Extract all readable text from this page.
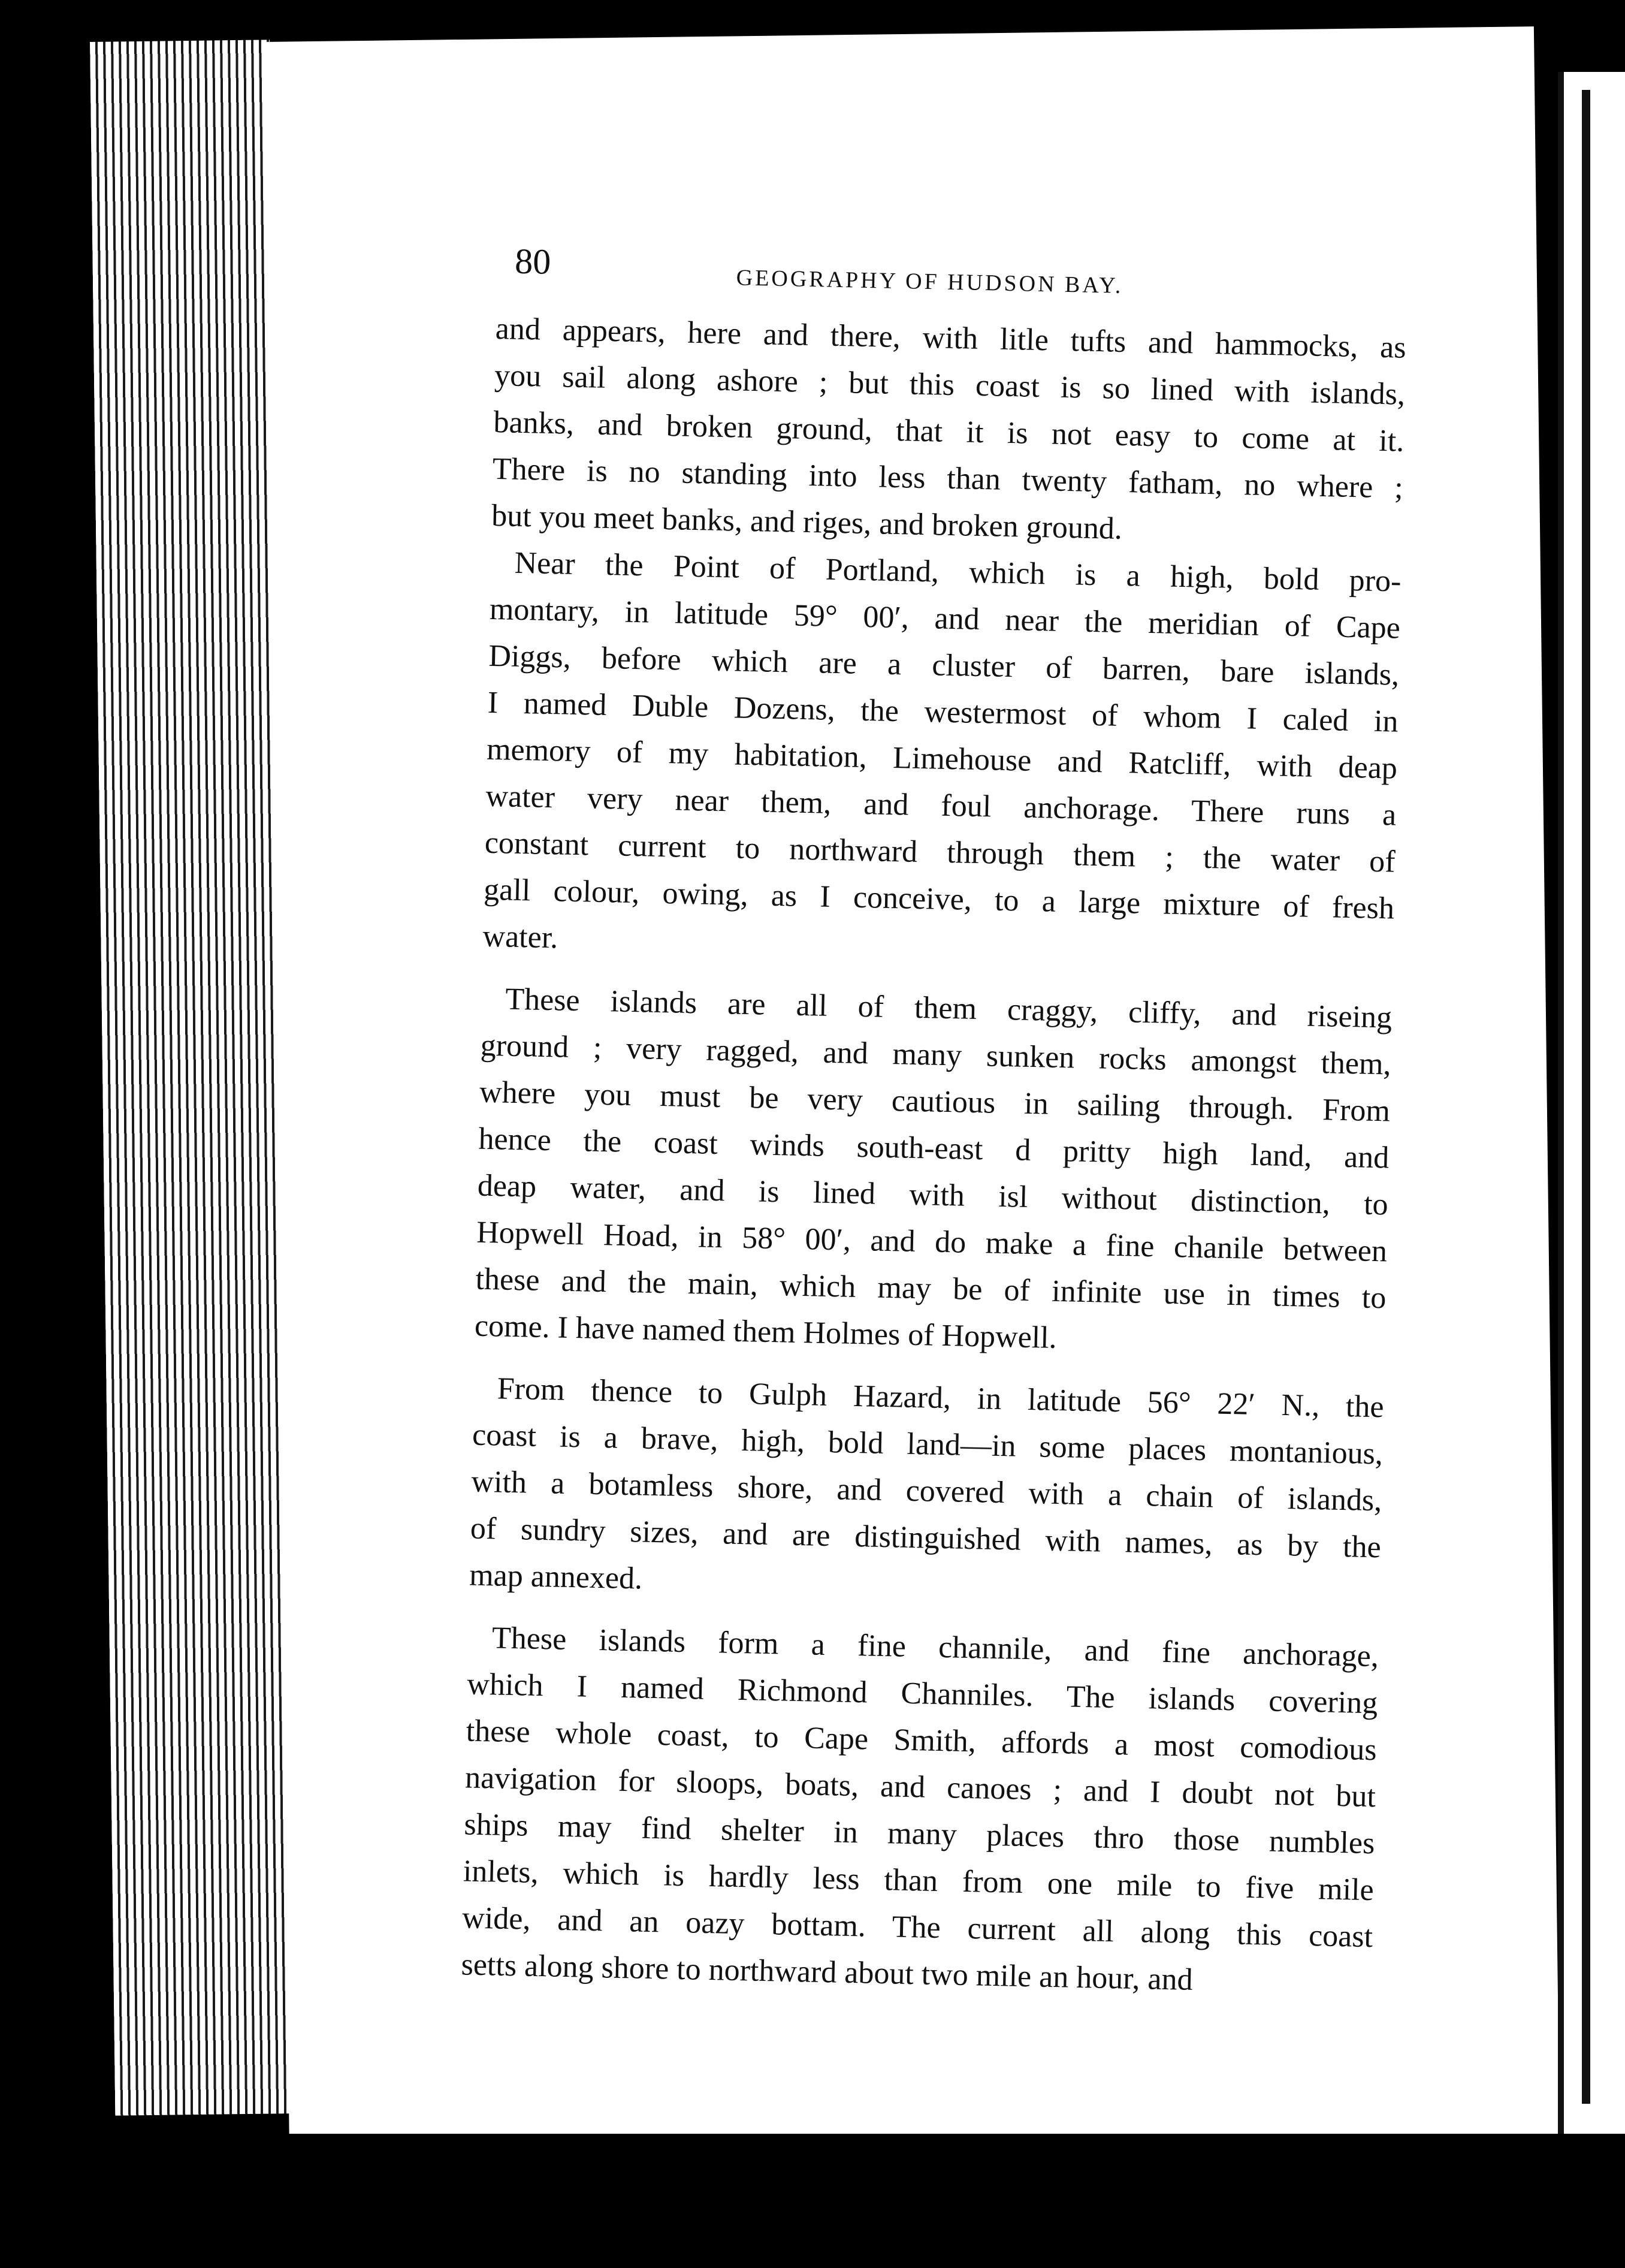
80
GEOGRAPHY OF HUDSON BAY.
and appears, here and there, with litle tufts and hammocks, as
you sail along ashore ; but this coast is so lined with islands,
banks, and broken ground, that it is not easy to come at it.
There is no standing into less than twenty fatham, no where ;
but you meet banks, and riges, and broken ground.
Near the Point of Portland, which is a high, bold pro-
montary, in latitude 59° 00′, and near the meridian of Cape
Diggs, before which are a cluster of barren, bare islands,
I named Duble Dozens, the westermost of whom I caled in
memory of my habitation, Limehouse and Ratcliff, with deap
water very near them, and foul anchorage. There runs a
constant current to northward through them ; the water of
gall colour, owing, as I conceive, to a large mixture of fresh
water.
These islands are all of them craggy, cliffy, and riseing
ground ; very ragged, and many sunken rocks amongst them,
where you must be very cautious in sailing through. From
hence the coast winds south-east d pritty high land, and
deap water, and is lined with isl without distinction, to
Hopwell Hoad, in 58° 00′, and do make a fine chanile between
these and the main, which may be of infinite use in times to
come. I have named them Holmes of Hopwell.
From thence to Gulph Hazard, in latitude 56° 22′ N., the
coast is a brave, high, bold land—in some places montanious,
with a botamless shore, and covered with a chain of islands,
of sundry sizes, and are distinguished with names, as by the
map annexed.
These islands form a fine channile, and fine anchorage,
which I named Richmond Channiles. The islands covering
these whole coast, to Cape Smith, affords a most comodious
navigation for sloops, boats, and canoes ; and I doubt not but
ships may find shelter in many places thro those numbles
inlets, which is hardly less than from one mile to five mile
wide, and an oazy bottam. The current all along this coast
setts along shore to northward about two mile an hour, and
